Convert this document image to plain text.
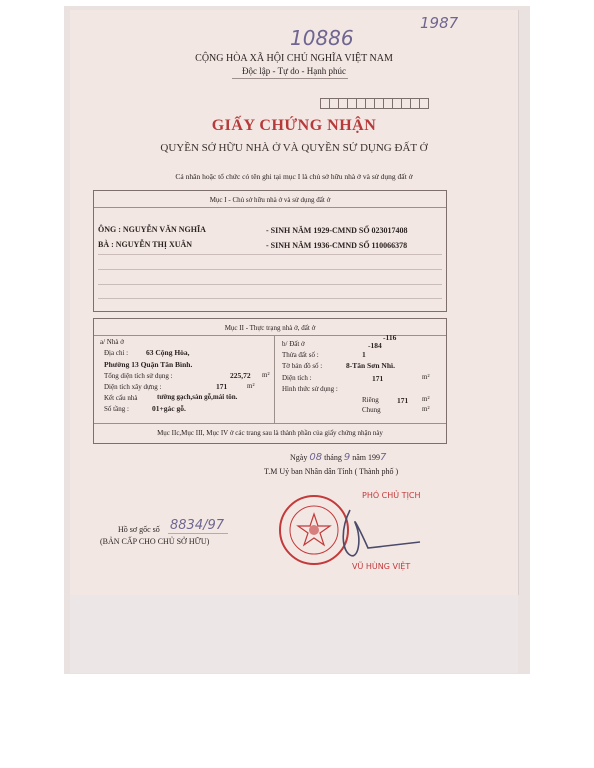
10886
1987
CỘNG HÒA XÃ HỘI CHỦ NGHĨA VIỆT NAM
Độc lập - Tự do - Hạnh phúc
GIẤY CHỨNG NHẬN
QUYỀN SỞ HỮU NHÀ Ở VÀ QUYỀN SỬ DỤNG ĐẤT Ở
Cá nhân hoặc tổ chức có tên ghi tại mục I là chủ sở hữu nhà ở và sử dụng đất ở
Mục I - Chủ sở hữu nhà ở và sử dụng đất ở
ÔNG : NGUYỄN VĂN NGHĨA	- SINH NĂM 1929-CMND SỐ 023017408
BÀ : NGUYỄN THỊ XUÂN	- SINH NĂM 1936-CMND SỐ 110066378
Mục II - Thực trạng nhà ở, đất ở
a/ Nhà ở
Địa chỉ : 63 Cộng Hòa,
Phường 13 Quận Tân Bình.
Tổng diện tích sử dụng :	225,72 m²
Diện tích xây dựng :	171	m²
Kết cấu nhà	tường gạch,sàn gỗ,mái tôn.
Số tầng :	01+gác gỗ.
b/ Đất ở
-116
-184
Thửa đất số :	1
Tờ bản đồ số :	8-Tân Sơn Nhì.
Diện tích :	171	m²
Hình thức sử dụng :
Riêng 171 m²
Chung	m²
Mục IIc,Mục III, Mục IV ở các trang sau là thành phần của giấy chứng nhận này
Ngày 08 tháng 9 năm 1997
T.M Uỷ ban Nhân dân Tỉnh ( Thành phố )
PHÓ CHỦ TỊCH
VŨ HÙNG VIỆT
Hồ sơ gốc số 8834/97
(BẢN CẤP CHO CHỦ SỞ HỮU)
